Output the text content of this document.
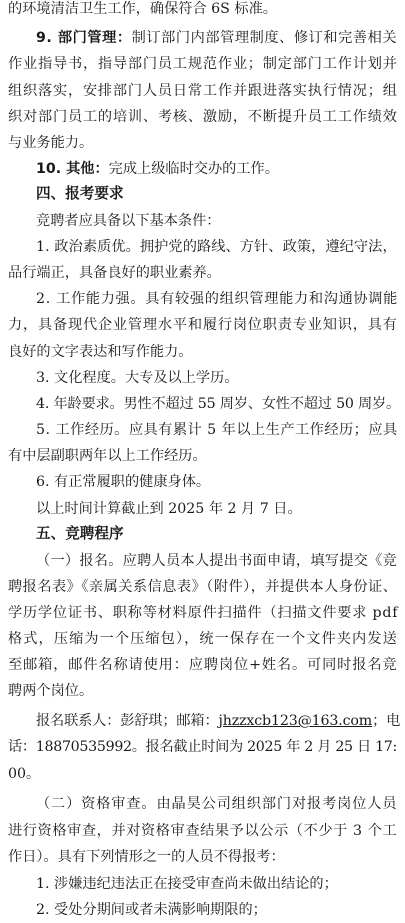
的环境清洁卫生工作，确保符合 6S 标准。
9. 部门管理：制订部门内部管理制度、修订和完善相关
作业指导书，指导部门员工规范作业；制定部门工作计划并
组织落实，安排部门人员日常工作并跟进落实执行情况；组
织对部门员工的培训、考核、激励，不断提升员工工作绩效
与业务能力。
10. 其他：完成上级临时交办的工作。
四、报考要求
竞聘者应具备以下基本条件：
1. 政治素质优。拥护党的路线、方针、政策，遵纪守法，
品行端正，具备良好的职业素养。
2. 工作能力强。具有较强的组织管理能力和沟通协调能
力，具备现代企业管理水平和履行岗位职责专业知识，具有
良好的文字表达和写作能力。
3. 文化程度。大专及以上学历。
4. 年龄要求。男性不超过 55 周岁、女性不超过 50 周岁。
5. 工作经历。应具有累计 5 年以上生产工作经历；应具
有中层副职两年以上工作经历。
6. 有正常履职的健康身体。
以上时间计算截止到 2025 年 2 月 7 日。
五、竞聘程序
（一）报名。应聘人员本人提出书面申请，填写提交《竞
聘报名表》《亲属关系信息表》（附件），并提供本人身份证、
学历学位证书、职称等材料原件扫描件（扫描文件要求 pdf
格式，压缩为一个压缩包），统一保存在一个文件夹内发送
至邮箱，邮件名称请使用：应聘岗位+姓名。可同时报名竞
聘两个岗位。
报名联系人：彭舒琪；邮箱：jhzzxcb123@163.com；电
话：18870535992。报名截止时间为 2025 年 2 月 25 日 17:
00。
（二）资格审查。由晶昊公司组织部门对报考岗位人员
进行资格审查，并对资格审查结果予以公示（不少于 3 个工
作日）。具有下列情形之一的人员不得报考：
1. 涉嫌违纪违法正在接受审查尚未做出结论的；
2. 受处分期间或者未满影响期限的；
